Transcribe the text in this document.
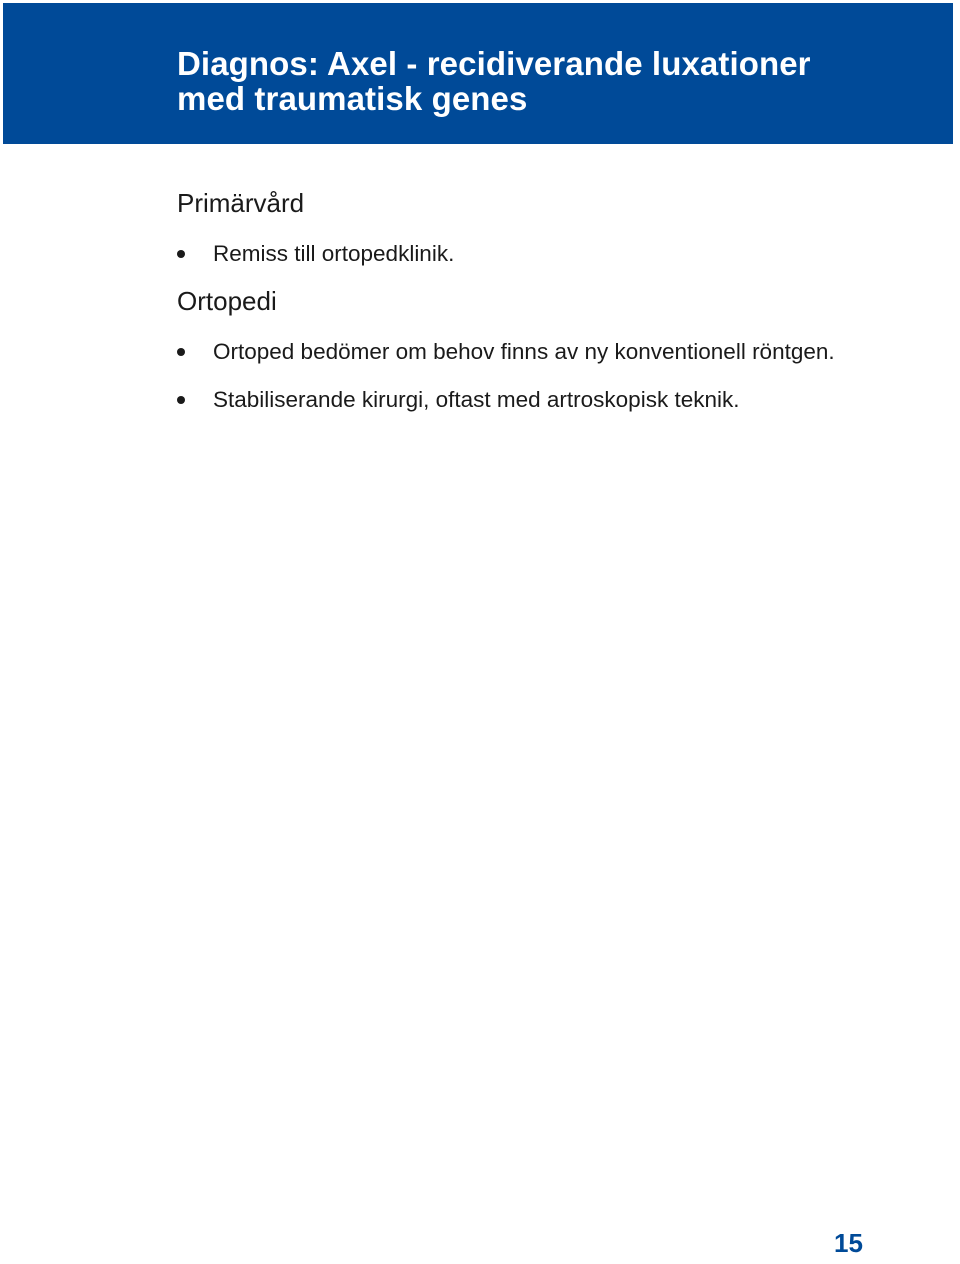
Diagnos: Axel - recidiverande luxationer
med traumatisk genes
Primärvård
Remiss till ortopedklinik.
Ortopedi
Ortoped bedömer om behov finns av ny konventionell röntgen.
Stabiliserande kirurgi, oftast med artroskopisk teknik.
15
